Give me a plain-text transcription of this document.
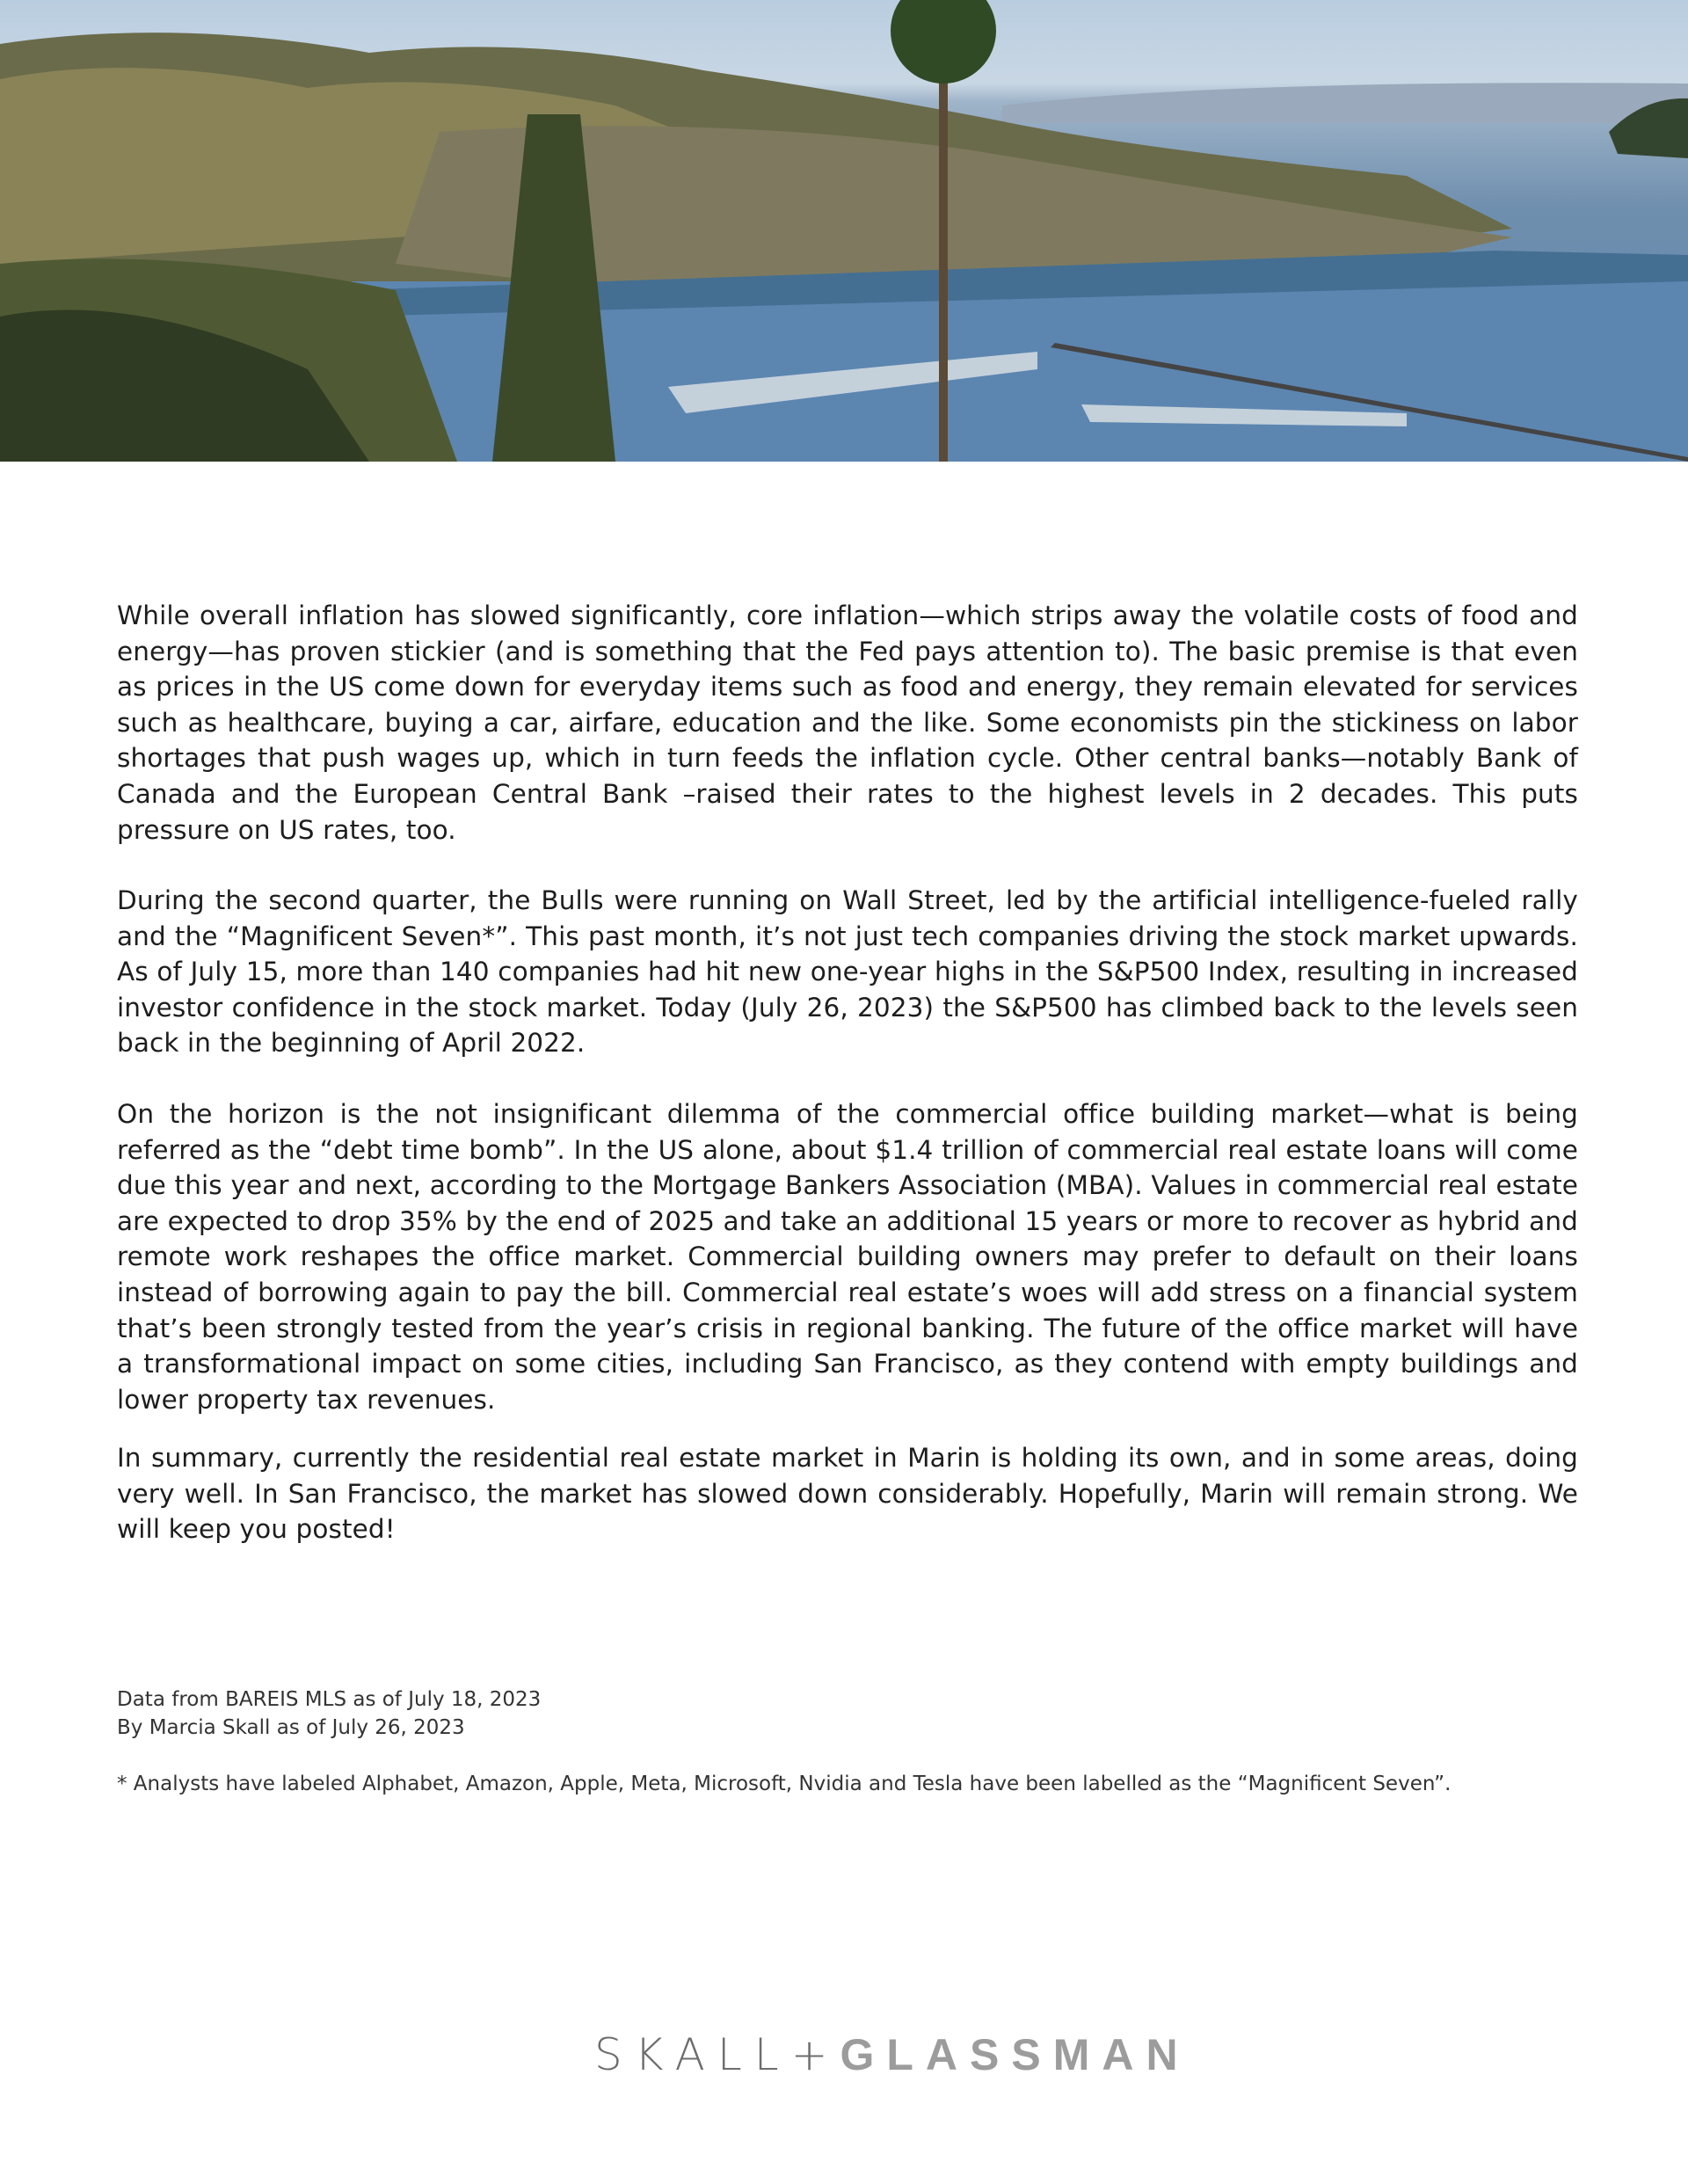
While overall inflation has slowed significantly, core inflation—which strips away the volatile costs of food and energy—has proven stickier (and is something that the Fed pays attention to). The basic premise is that even as prices in the US come down for everyday items such as food and energy, they remain elevated for services such as healthcare, buying a car, airfare, education and the like. Some economists pin the stickiness on labor shortages that push wages up, which in turn feeds the inflation cycle. Other central banks—notably Bank of Canada and the European Central Bank –raised their rates to the highest levels in 2 decades. This puts pressure on US rates, too.

During the second quarter, the Bulls were running on Wall Street, led by the artificial intelligence-fueled rally and the “Magnificent Seven*”. This past month, it’s not just tech companies driving the stock market upwards. As of July 15, more than 140 companies had hit new one-year highs in the S&P500 Index, resulting in increased investor confidence in the stock market. Today (July 26, 2023) the S&P500 has climbed back to the levels seen back in the beginning of April 2022.

On the horizon is the not insignificant dilemma of the commercial office building market—what is being referred as the “debt time bomb”. In the US alone, about $1.4 trillion of commercial real estate loans will come due this year and next, according to the Mortgage Bankers Association (MBA). Values in commercial real estate are expected to drop 35% by the end of 2025 and take an additional 15 years or more to recover as hybrid and remote work reshapes the office market. Commercial building owners may prefer to default on their loans instead of borrowing again to pay the bill. Commercial real estate’s woes will add stress on a financial system that’s been strongly tested from the year’s crisis in regional banking. The future of the office market will have a transformational impact on some cities, including San Francisco, as they contend with empty buildings and lower property tax revenues.

In summary, currently the residential real estate market in Marin is holding its own, and in some areas, doing very well. In San Francisco, the market has slowed down considerably. Hopefully, Marin will remain strong. We will keep you posted!

Data from BAREIS MLS as of July 18, 2023
By Marcia Skall as of July 26, 2023
* Analysts have labeled Alphabet, Amazon, Apple, Meta, Microsoft, Nvidia and Tesla have been labelled as the “Magnificent Seven”.
SKALL+GLASSMAN
